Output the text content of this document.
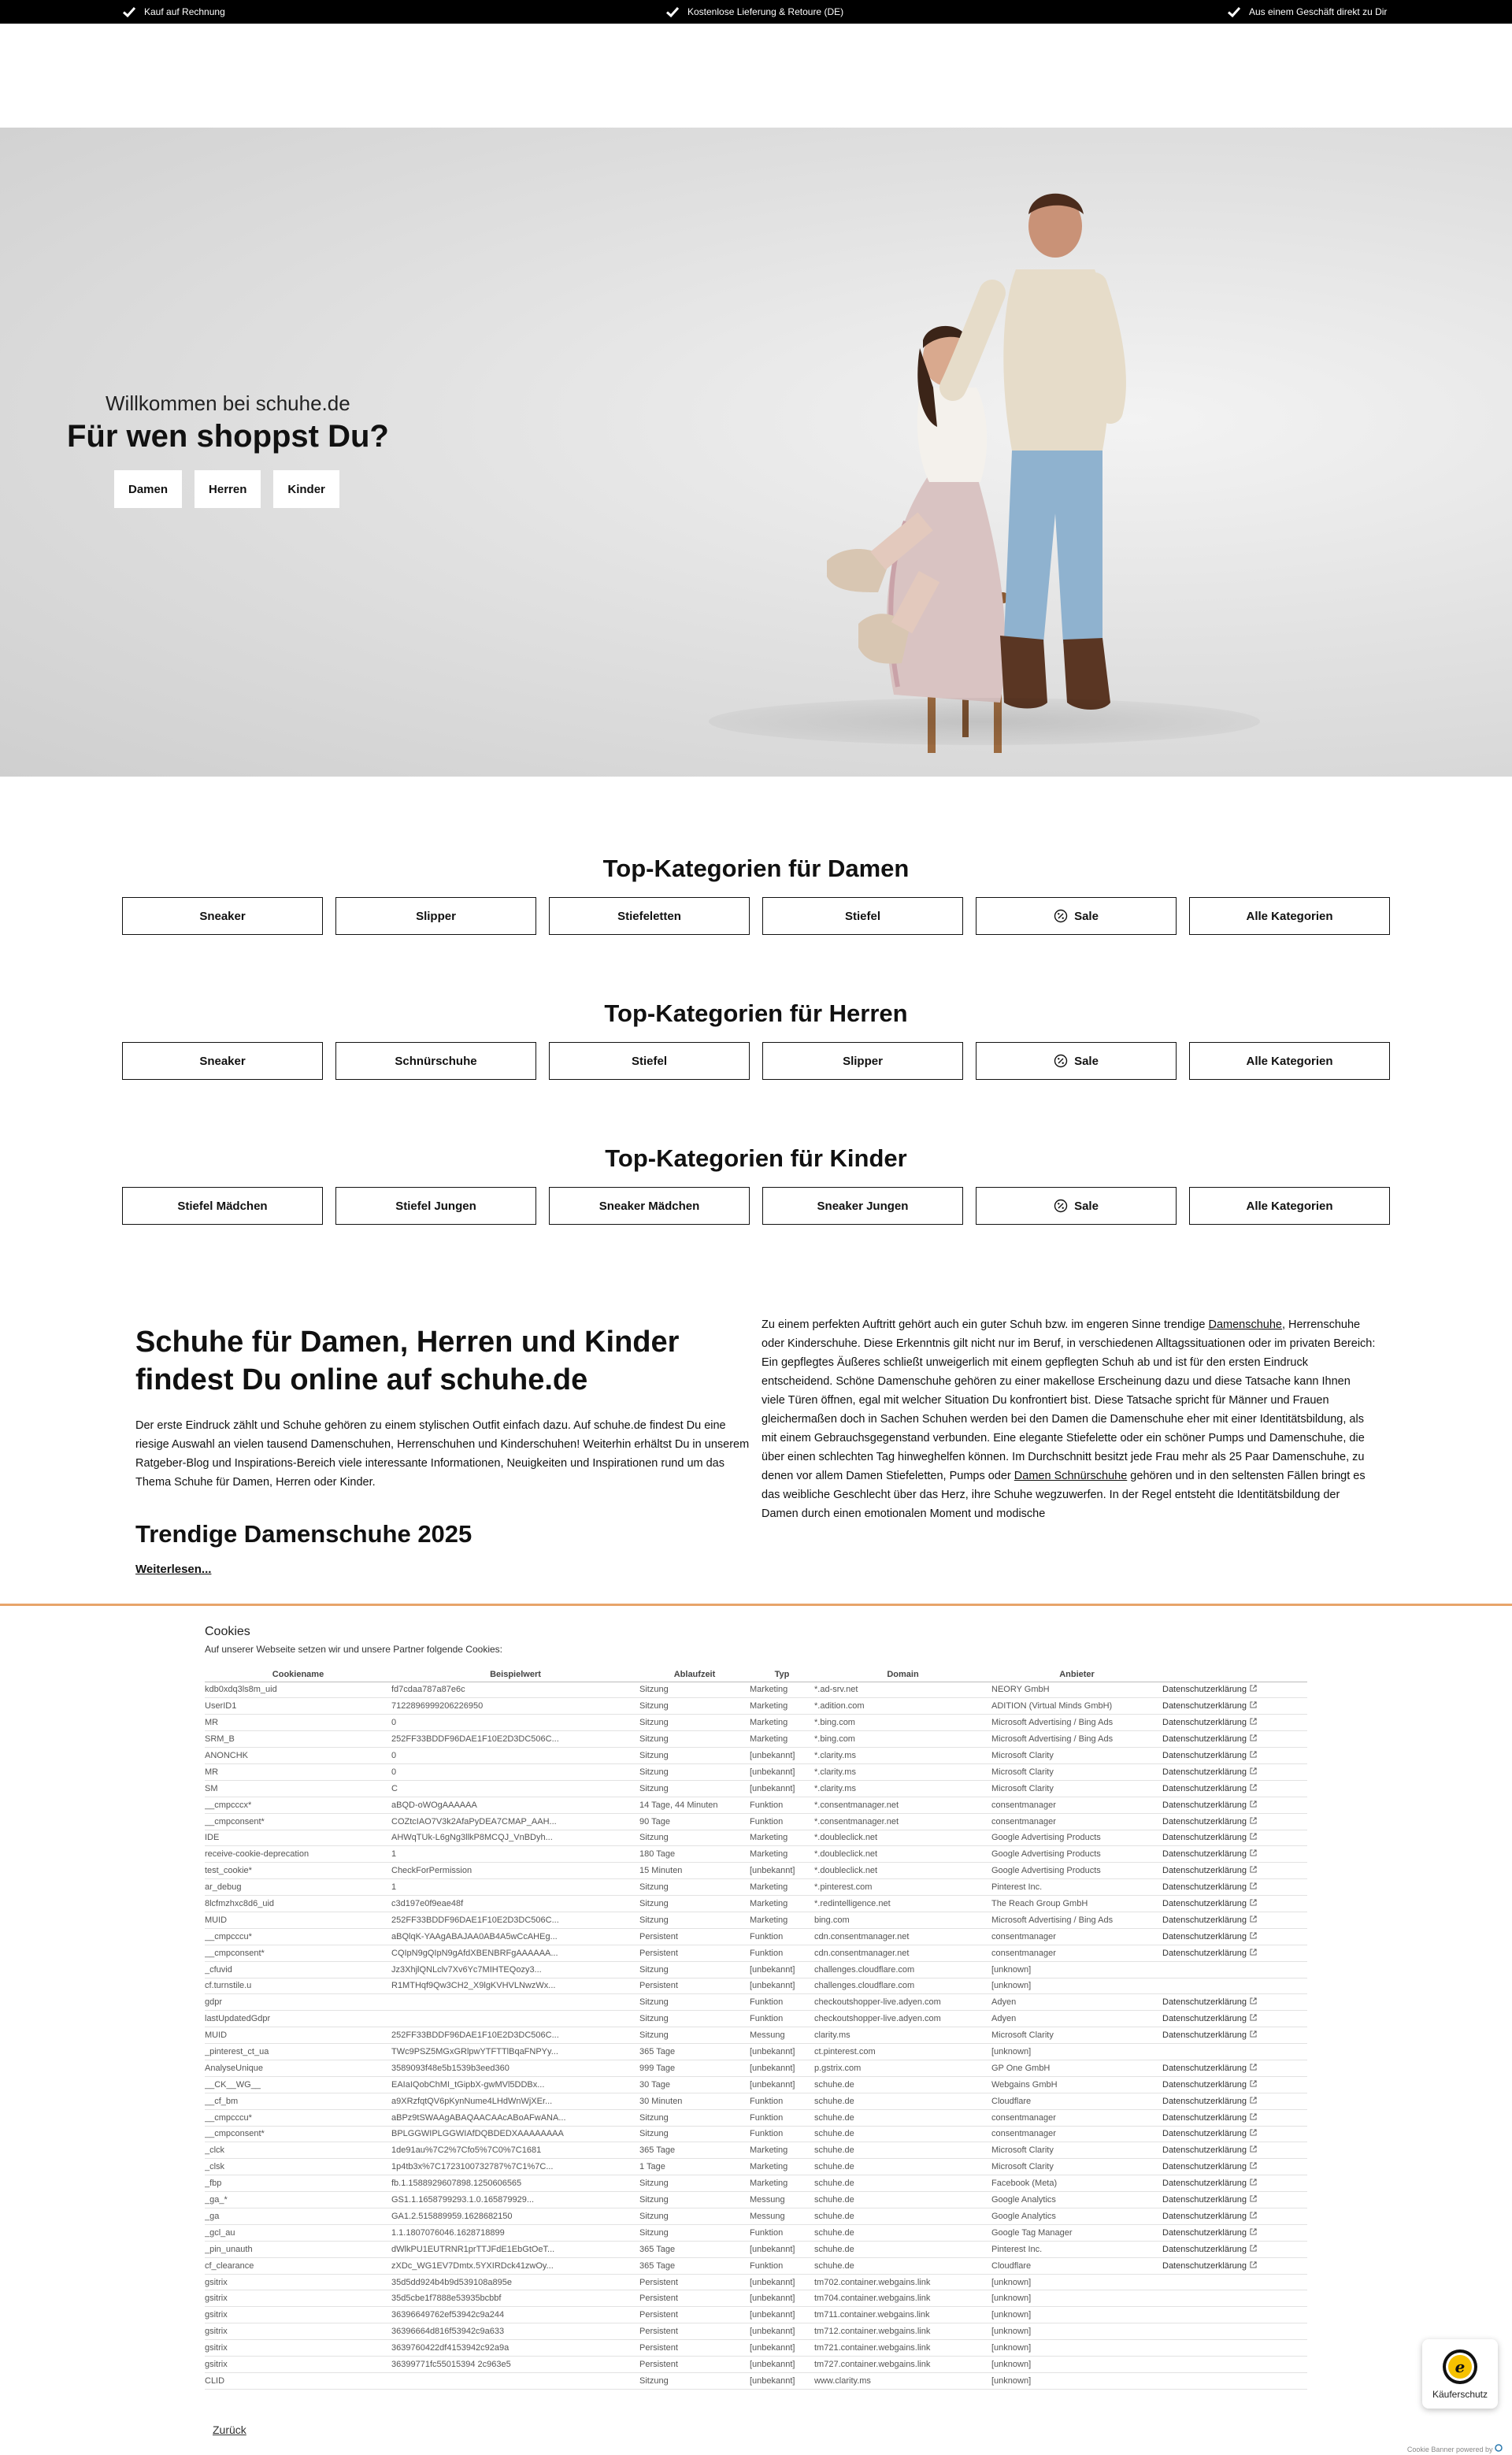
Kauf auf Rechnung	Kostenlose Lieferung & Retoure (DE)	Aus einem Geschäft direkt zu Dir
Willkommen bei schuhe.de
Für wen shoppst Du?
Damen	Herren	Kinder
Top-Kategorien für Damen
Sneaker	Slipper	Stiefeletten	Stiefel	Sale	Alle Kategorien
Top-Kategorien für Herren
Sneaker	Schnürschuhe	Stiefel	Slipper	Sale	Alle Kategorien
Top-Kategorien für Kinder
Stiefel Mädchen	Stiefel Jungen	Sneaker Mädchen	Sneaker Jungen	Sale	Alle Kategorien
Schuhe für Damen, Herren und Kinder findest Du online auf schuhe.de

Der erste Eindruck zählt und Schuhe gehören zu einem stylischen Outfit einfach dazu. Auf schuhe.de findest Du eine riesige Auswahl an vielen tausend Damenschuhen, Herrenschuhen und Kinderschuhen! Weiterhin erhältst Du in unserem Ratgeber-Blog und Inspirations-Bereich viele interessante Informationen, Neuigkeiten und Inspirationen rund um das Thema Schuhe für Damen, Herren oder Kinder.

Trendige Damenschuhe 2025
Weiterlesen...
Zu einem perfekten Auftritt gehört auch ein guter Schuh bzw. im engeren Sinne trendige Damenschuhe, Herrenschuhe oder Kinderschuhe. Diese Erkenntnis gilt nicht nur im Beruf, in verschiedenen Alltagssituationen oder im privaten Bereich: Ein gepflegtes Äußeres schließt unweigerlich mit einem gepflegten Schuh ab und ist für den ersten Eindruck entscheidend. Schöne Damenschuhe gehören zu einer makellose Erscheinung dazu und diese Tatsache kann Ihnen viele Türen öffnen, egal mit welcher Situation Du konfrontiert bist. Diese Tatsache spricht für Männer und Frauen gleichermaßen doch in Sachen Schuhen werden bei den Damen die Damenschuhe eher mit einer Identitätsbildung, als mit einem Gebrauchsgegenstand verbunden. Eine elegante Stiefelette oder ein schöner Pumps und Damenschuhe, die über einen schlechten Tag hinweghelfen können. Im Durchschnitt besitzt jede Frau mehr als 25 Paar Damenschuhe, zu denen vor allem Damen Stiefeletten, Pumps oder Damen Schnürschuhe gehören und in den seltensten Fällen bringt es das weibliche Geschlecht über das Herz, ihre Schuhe wegzuwerfen. In der Regel entsteht die Identitätsbildung der Damen durch einen emotionalen Moment und modische
Cookies
Auf unserer Webseite setzen wir und unsere Partner folgende Cookies:
Cookiename	Beispielwert	Ablaufzeit	Typ	Domain	Anbieter	
kdb0xdq3ls8m_uid	fd7cdaa787a87e6c	Sitzung	Marketing	*.ad-srv.net	NEORY GmbH	Datenschutzerklärung
UserID1	7122896999206226950	Sitzung	Marketing	*.adition.com	ADITION (Virtual Minds GmbH)	Datenschutzerklärung
MR	0	Sitzung	Marketing	*.bing.com	Microsoft Advertising / Bing Ads	Datenschutzerklärung
SRM_B	252FF33BDDF96DAE1F10E2D3DC506C...	Sitzung	Marketing	*.bing.com	Microsoft Advertising / Bing Ads	Datenschutzerklärung
ANONCHK	0	Sitzung	[unbekannt]	*.clarity.ms	Microsoft Clarity	Datenschutzerklärung
MR	0	Sitzung	[unbekannt]	*.clarity.ms	Microsoft Clarity	Datenschutzerklärung
SM	C	Sitzung	[unbekannt]	*.clarity.ms	Microsoft Clarity	Datenschutzerklärung
__cmpcccx*	aBQD-oWOgAAAAAA	14 Tage, 44 Minuten	Funktion	*.consentmanager.net	consentmanager	Datenschutzerklärung
__cmpconsent*	COZtcIAO7V3k2AfaPyDEA7CMAP_AAH...	90 Tage	Funktion	*.consentmanager.net	consentmanager	Datenschutzerklärung
IDE	AHWqTUk-L6gNg3llkP8MCQJ_VnBDyh...	Sitzung	Marketing	*.doubleclick.net	Google Advertising Products	Datenschutzerklärung
receive-cookie-deprecation	1	180 Tage	Marketing	*.doubleclick.net	Google Advertising Products	Datenschutzerklärung
test_cookie*	CheckForPermission	15 Minuten	[unbekannt]	*.doubleclick.net	Google Advertising Products	Datenschutzerklärung
ar_debug	1	Sitzung	Marketing	*.pinterest.com	Pinterest Inc.	Datenschutzerklärung
8lcfmzhxc8d6_uid	c3d197e0f9eae48f	Sitzung	Marketing	*.redintelligence.net	The Reach Group GmbH	Datenschutzerklärung
MUID	252FF33BDDF96DAE1F10E2D3DC506C...	Sitzung	Marketing	bing.com	Microsoft Advertising / Bing Ads	Datenschutzerklärung
__cmpcccu*	aBQlqK-YAAgABAJAA0AB4A5wCcAHEg...	Persistent	Funktion	cdn.consentmanager.net	consentmanager	Datenschutzerklärung
__cmpconsent*	CQIpN9gQIpN9gAfdXBENBRFgAAAAAA...	Persistent	Funktion	cdn.consentmanager.net	consentmanager	Datenschutzerklärung
_cfuvid	Jz3XhjlQNLclv7Xv6Yc7MIHTEQozy3...	Sitzung	[unbekannt]	challenges.cloudflare.com	[unknown]	
cf.turnstile.u	R1MTHqf9Qw3CH2_X9lgKVHVLNwzWx...	Persistent	[unbekannt]	challenges.cloudflare.com	[unknown]	
gdpr		Sitzung	Funktion	checkoutshopper-live.adyen.com	Adyen	Datenschutzerklärung
lastUpdatedGdpr		Sitzung	Funktion	checkoutshopper-live.adyen.com	Adyen	Datenschutzerklärung
MUID	252FF33BDDF96DAE1F10E2D3DC506C...	Sitzung	Messung	clarity.ms	Microsoft Clarity	Datenschutzerklärung
_pinterest_ct_ua	TWc9PSZ5MGxGRlpwYTFTTlBqaFNPYy...	365 Tage	[unbekannt]	ct.pinterest.com	[unknown]	
AnalyseUnique	3589093f48e5b1539b3eed360	999 Tage	[unbekannt]	p.gstrix.com	GP One GmbH	Datenschutzerklärung
__CK__WG__	EAIaIQobChMI_tGipbX-gwMVl5DDBx...	30 Tage	[unbekannt]	schuhe.de	Webgains GmbH	Datenschutzerklärung
__cf_bm	a9XRzfqtQV6pKynNume4LHdWnWjXEr...	30 Minuten	Funktion	schuhe.de	Cloudflare	Datenschutzerklärung
__cmpcccu*	aBPz9tSWAAgABAQAACAAcABoAFwANA...	Sitzung	Funktion	schuhe.de	consentmanager	Datenschutzerklärung
__cmpconsent*	BPLGGWIPLGGWIAfDQBDEDXAAAAAAAA	Sitzung	Funktion	schuhe.de	consentmanager	Datenschutzerklärung
_clck	1de91au%7C2%7Cfo5%7C0%7C1681	365 Tage	Marketing	schuhe.de	Microsoft Clarity	Datenschutzerklärung
_clsk	1p4tb3x%7C1723100732787%7C1%7C...	1 Tage	Marketing	schuhe.de	Microsoft Clarity	Datenschutzerklärung
_fbp	fb.1.1588929607898.1250606565	Sitzung	Marketing	schuhe.de	Facebook (Meta)	Datenschutzerklärung
_ga_*	GS1.1.1658799293.1.0.165879929...	Sitzung	Messung	schuhe.de	Google Analytics	Datenschutzerklärung
_ga	GA1.2.515889959.1628682150	Sitzung	Messung	schuhe.de	Google Analytics	Datenschutzerklärung
_gcl_au	1.1.1807076046.1628718899	Sitzung	Funktion	schuhe.de	Google Tag Manager	Datenschutzerklärung
_pin_unauth	dWlkPU1EUTRNR1prTTJFdE1EbGtOeT...	365 Tage	[unbekannt]	schuhe.de	Pinterest Inc.	Datenschutzerklärung
cf_clearance	zXDc_WG1EV7Dmtx.5YXIRDck41zwOy...	365 Tage	Funktion	schuhe.de	Cloudflare	Datenschutzerklärung
gsitrix	35d5dd924b4b9d539108a895e	Persistent	[unbekannt]	tm702.container.webgains.link	[unknown]	
gsitrix	35d5cbe1f7888e53935bcbbf	Persistent	[unbekannt]	tm704.container.webgains.link	[unknown]	
gsitrix	36396649762ef53942c9a244	Persistent	[unbekannt]	tm711.container.webgains.link	[unknown]	
gsitrix	36396664d816f53942c9a633	Persistent	[unbekannt]	tm712.container.webgains.link	[unknown]	
gsitrix	3639760422df4153942c92a9a	Persistent	[unbekannt]	tm721.container.webgains.link	[unknown]	
gsitrix	36399771fc55015394 2c963e5	Persistent	[unbekannt]	tm727.container.webgains.link	[unknown]	
CLID		Sitzung	[unbekannt]	www.clarity.ms	[unknown]	
Zurück
Cookie Banner powered by
e
Käuferschutz
